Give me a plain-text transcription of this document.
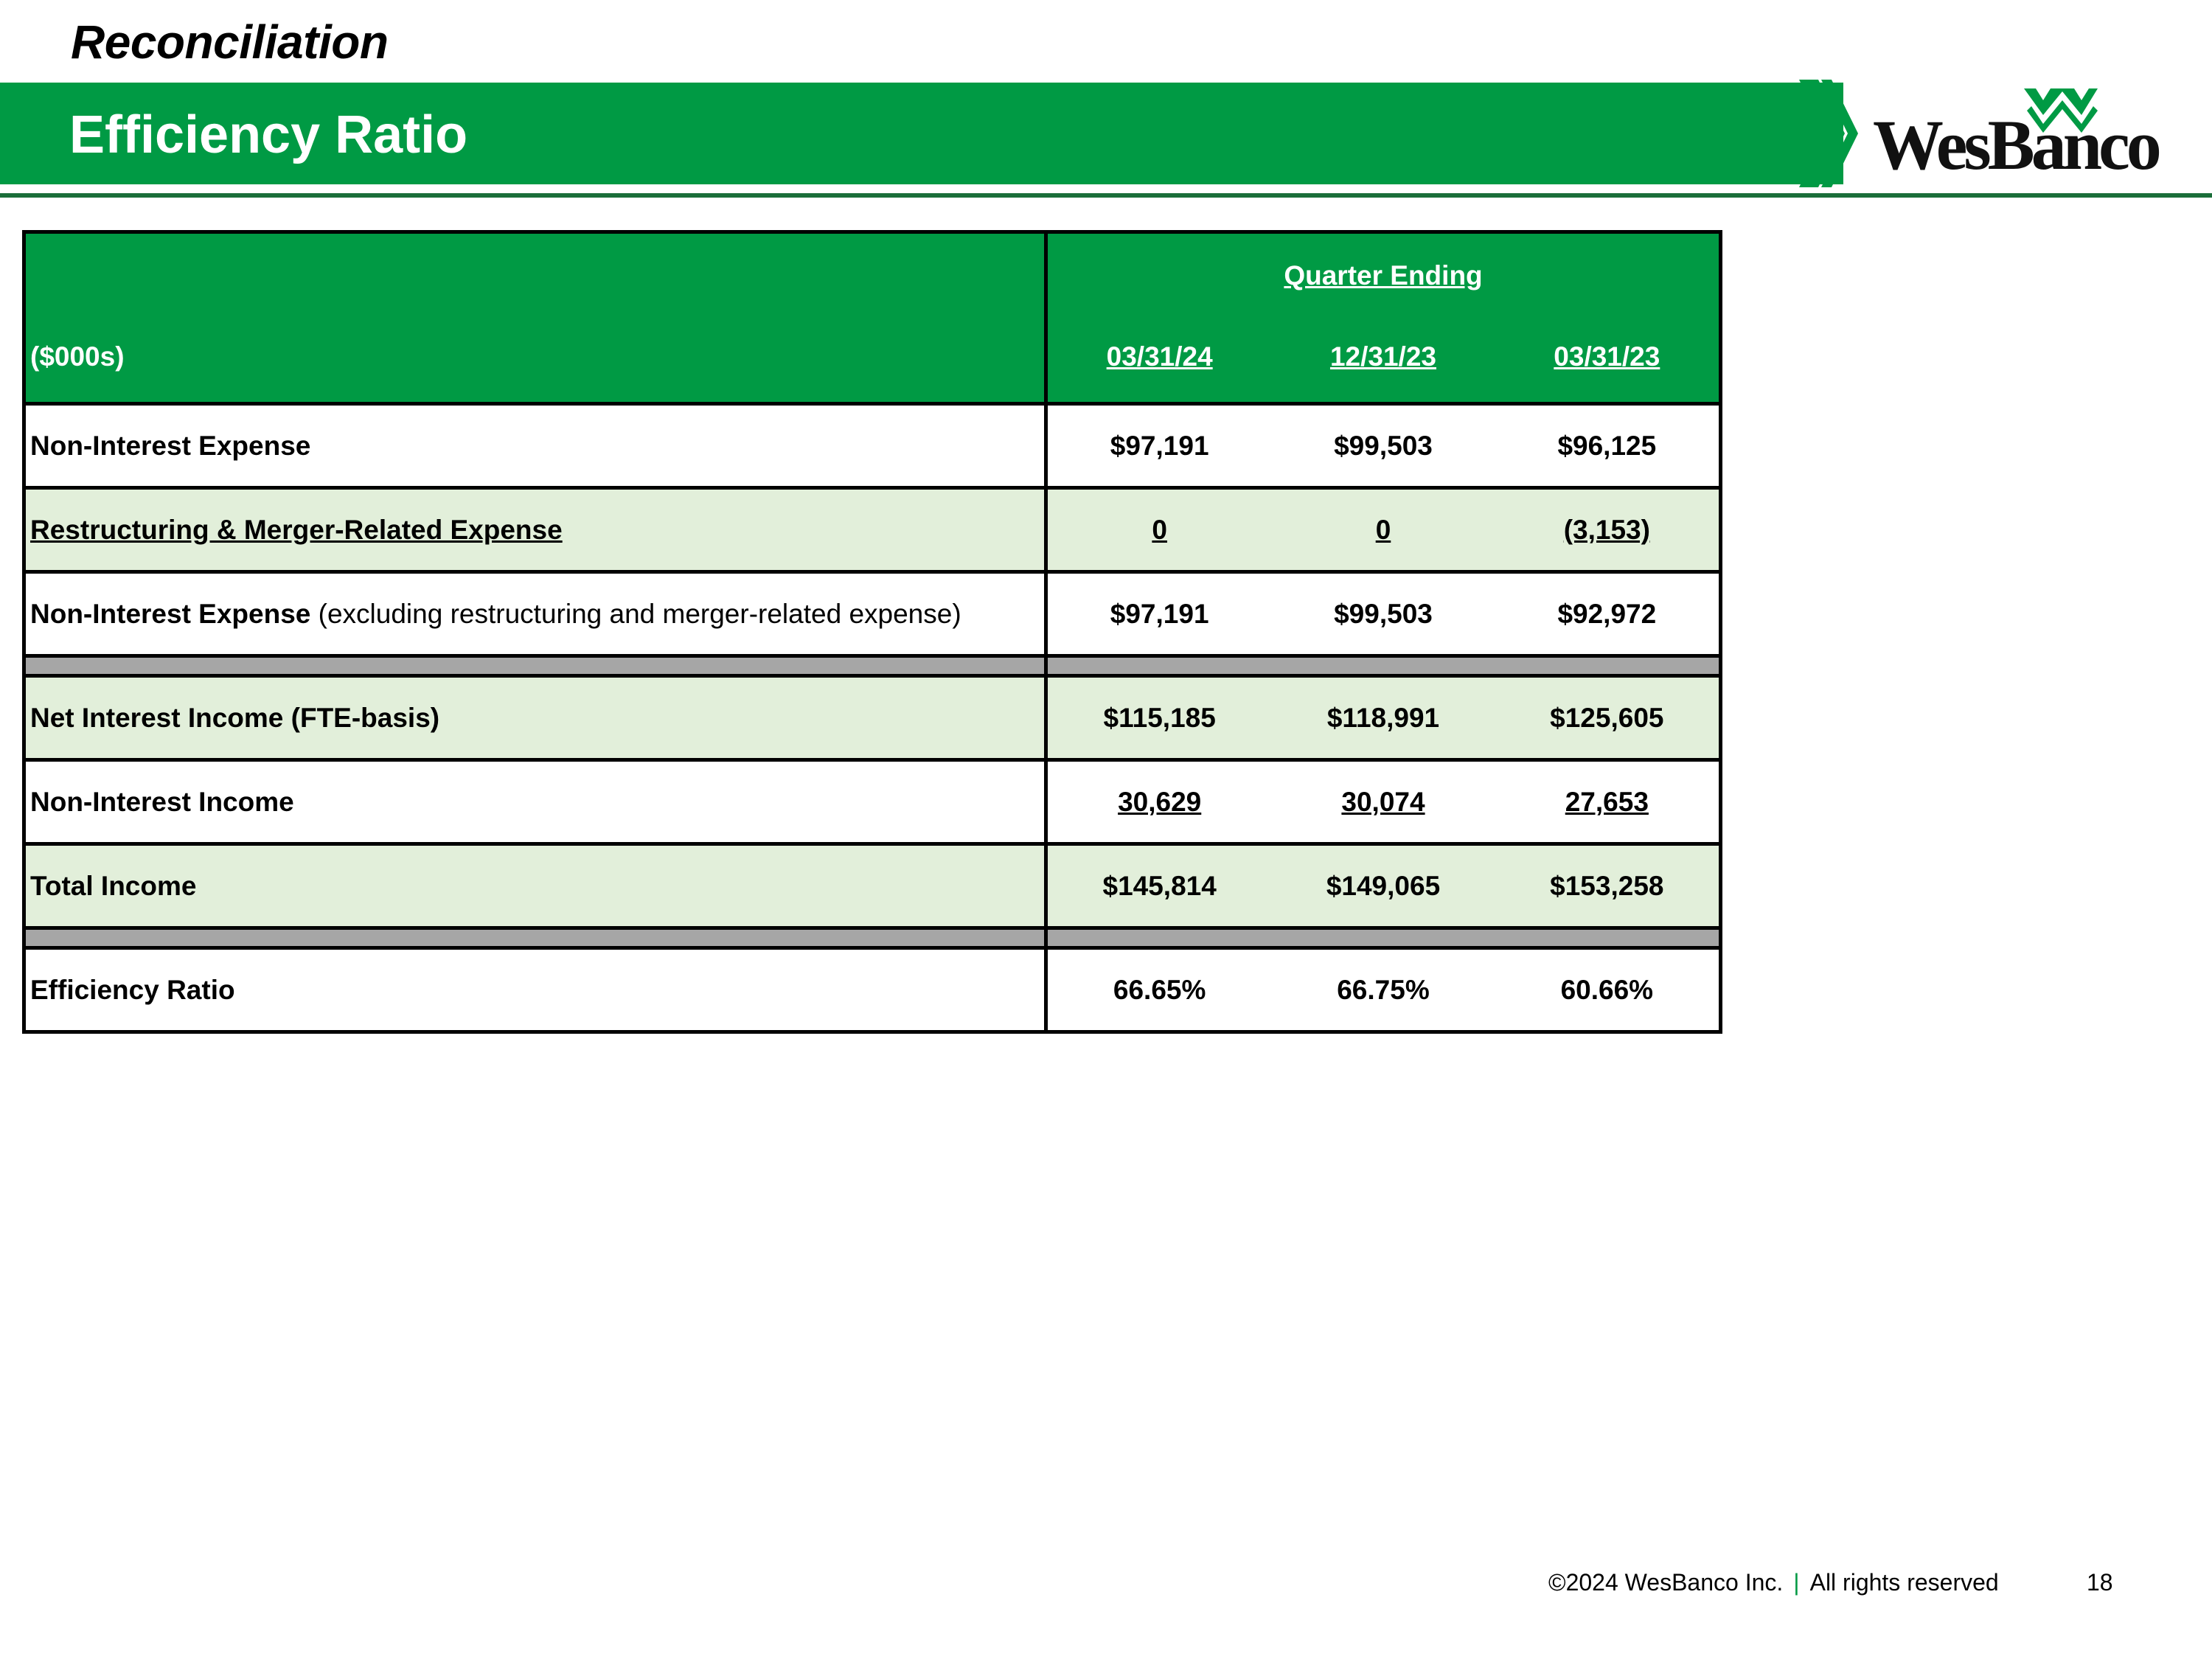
Reconciliation
Efficiency Ratio	WesBanco
($000s)	Quarter Ending
03/31/24 12/31/23 03/31/23

Non-Interest Expense	$97,191 $99,503 $96,125

Restructuring & Merger-Related Expense	0 0 (3,153)

Non-Interest Expense (excluding restructuring and merger-related expense)	$97,191 $99,503 $92,972

Net Interest Income (FTE-basis)	$115,185 $118,991 $125,605

Non-Interest Income	30,629 30,074 27,653

Total Income	$145,814 $149,065 $153,258

Efficiency Ratio	66.65% 66.75% 60.66%
©2024 WesBanco Inc. | All rights reserved	18
